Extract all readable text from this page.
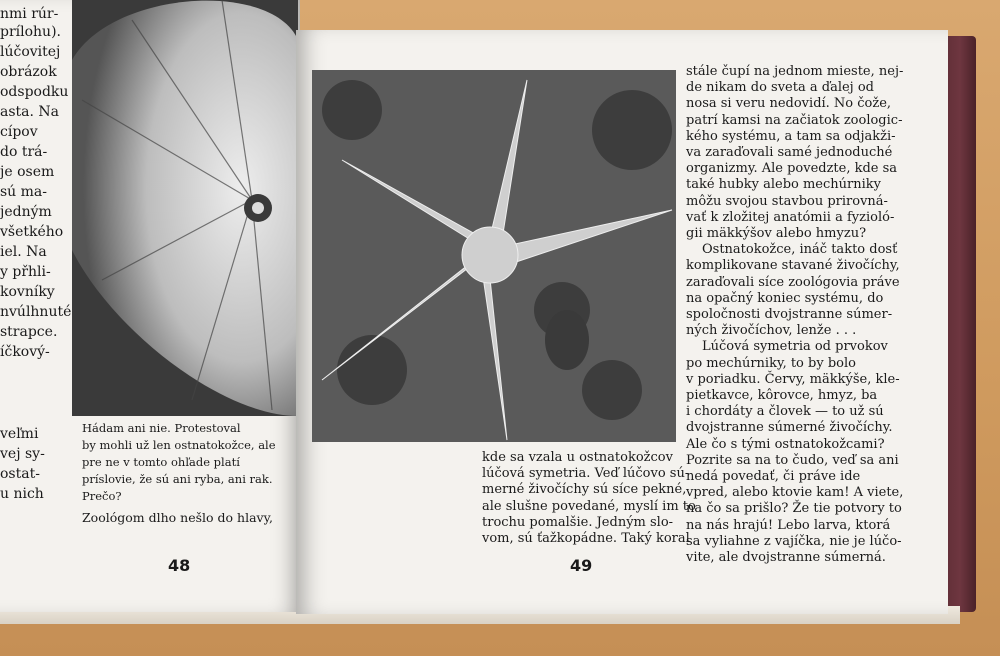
nmi rúr-
prílohu).
lúčovitej
obrázok
odspodku
asta. Na
cípov
do trá-
je osem
sú ma-
jedným
všetkého
iel. Na
y přhli-
kovníky
nvúlhnuté
strapce.
íčkový-
veľmi
vej sy-
ostat-
u nich
Hádam ani nie. Protestoval
by mohli už len ostnatokožce, ale
pre ne v tomto ohľade platí
príslovie, že sú ani ryba, ani rak.
Prečo?
Zoológom dlho nešlo do hlavy,
48
kde sa vzala u ostnatokožcov
lúčová symetria. Veď lúčovo sú-
merné živočíchy sú síce pekné,
ale slušne povedané, myslí im to
trochu pomalšie. Jedným slo-
vom, sú ťažkopádne. Taký koral
stále čupí na jednom mieste, nej-
de nikam do sveta a ďalej od
nosa si veru nedovidí. No čože,
patrí kamsi na začiatok zoologic-
kého systému, a tam sa odjakži-
va zaraďovali samé jednoduché
organizmy. Ale povedzte, kde sa
také hubky alebo mechúrniky
môžu svojou stavbou prirovná-
vať k zložitej anatómii a fyzioló-
gii mäkkýšov alebo hmyzu?
Ostnatokožce, ináč takto dosť
komplikovane stavané živočíchy,
zaraďovali síce zoológovia práve
na opačný koniec systému, do
spoločnosti dvojstranne súmer-
ných živočíchov, lenže . . .
Lúčová symetria od prvokov
po mechúrniky, to by bolo
v poriadku. Červy, mäkkýše, kle-
pietkavce, kôrovce, hmyz, ba
i chordáty a človek — to už sú
dvojstranne súmerné živočíchy.
Ale čo s tými ostnatokožcami?
Pozrite sa na to čudo, veď sa ani
nedá povedať, či práve ide
vpred, alebo ktovie kam! A viete,
na čo sa prišlo? Že tie potvory to
na nás hrajú! Lebo larva, ktorá
sa vyliahne z vajíčka, nie je lúčo-
vite, ale dvojstranne súmerná.
49
